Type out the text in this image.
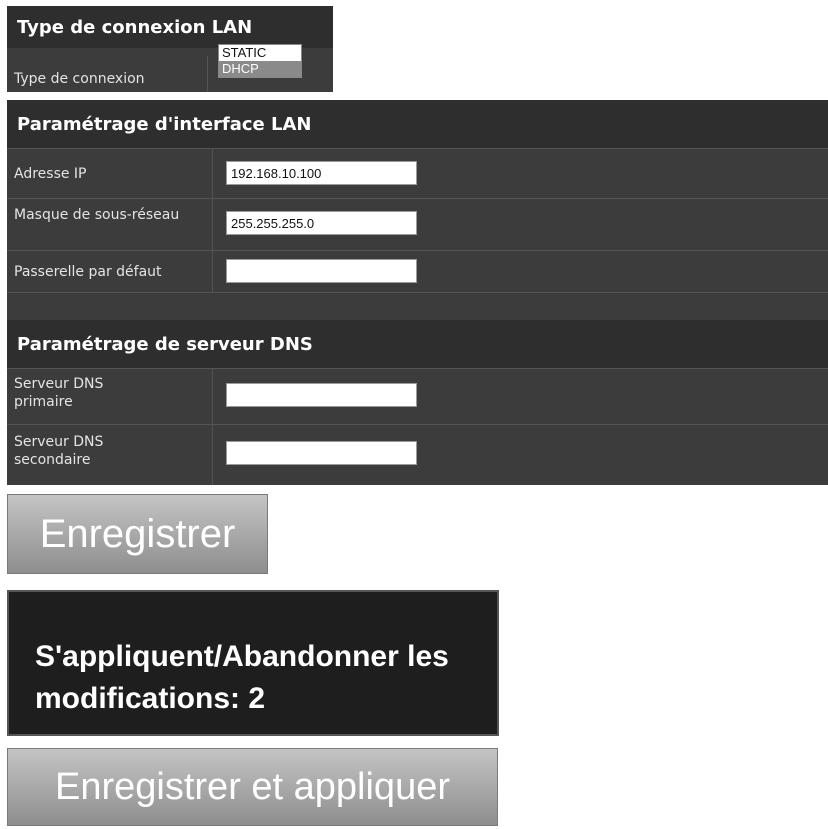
Type de connexion LAN
Type de connexion
STATIC
DHCP
Paramétrage d'interface LAN
Adresse IP
192.168.10.100
Masque de sous-réseau
255.255.255.0
Passerelle par défaut
Paramétrage de serveur DNS
Serveur DNS primaire
Serveur DNS secondaire
Enregistrer
S'appliquent/Abandonner les modifications: 2
Enregistrer et appliquer
